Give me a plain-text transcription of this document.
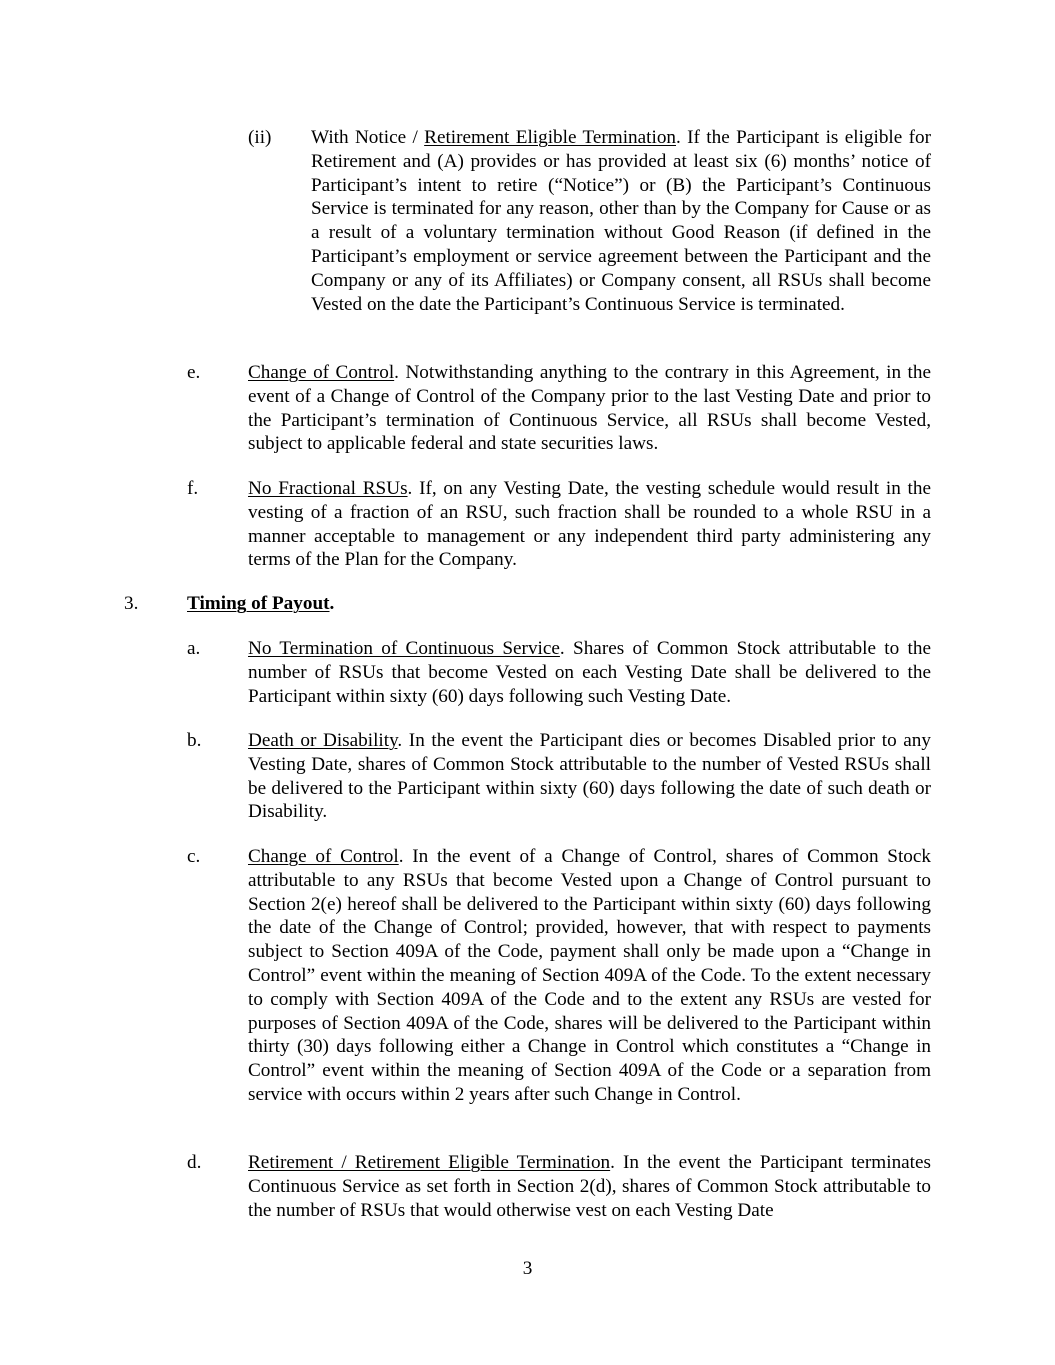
(ii) With Notice / Retirement Eligible Termination. If the Participant is eligible for Retirement and (A) provides or has provided at least six (6) months’ notice of Participant’s intent to retire (“Notice”) or (B) the Participant’s Continuous Service is terminated for any reason, other than by the Company for Cause or as a result of a voluntary termination without Good Reason (if defined in the Participant’s employment or service agreement between the Participant and the Company or any of its Affiliates) or Company consent, all RSUs shall become Vested on the date the Participant’s Continuous Service is terminated.
e. Change of Control. Notwithstanding anything to the contrary in this Agreement, in the event of a Change of Control of the Company prior to the last Vesting Date and prior to the Participant’s termination of Continuous Service, all RSUs shall become Vested, subject to applicable federal and state securities laws.
f.	No Fractional RSUs. If, on any Vesting Date, the vesting schedule would result in the vesting of a fraction of an RSU, such fraction shall be rounded to a whole RSU in a manner acceptable to management or any independent third party administering any terms of the Plan for the Company.
3.	Timing of Payout.
a. No Termination of Continuous Service. Shares of Common Stock attributable to the number of RSUs that become Vested on each Vesting Date shall be delivered to the Participant within sixty (60) days following such Vesting Date.
b. Death or Disability. In the event the Participant dies or becomes Disabled prior to any Vesting Date, shares of Common Stock attributable to the number of Vested RSUs shall be delivered to the Participant within sixty (60) days following the date of such death or Disability.
c. Change of Control. In the event of a Change of Control, shares of Common Stock attributable to any RSUs that become Vested upon a Change of Control pursuant to Section 2(e) hereof shall be delivered to the Participant within sixty (60) days following the date of the Change of Control; provided, however, that with respect to payments subject to Section 409A of the Code, payment shall only be made upon a “Change in Control” event within the meaning of Section 409A of the Code. To the extent necessary to comply with Section 409A of the Code and to the extent any RSUs are vested for purposes of Section 409A of the Code, shares will be delivered to the Participant within thirty (30) days following either a Change in Control which constitutes a “Change in Control” event within the meaning of Section 409A of the Code or a separation from service with occurs within 2 years after such Change in Control.
d. Retirement / Retirement Eligible Termination. In the event the Participant terminates Continuous Service as set forth in Section 2(d), shares of Common Stock attributable to the number of RSUs that would otherwise vest on each Vesting Date
3
